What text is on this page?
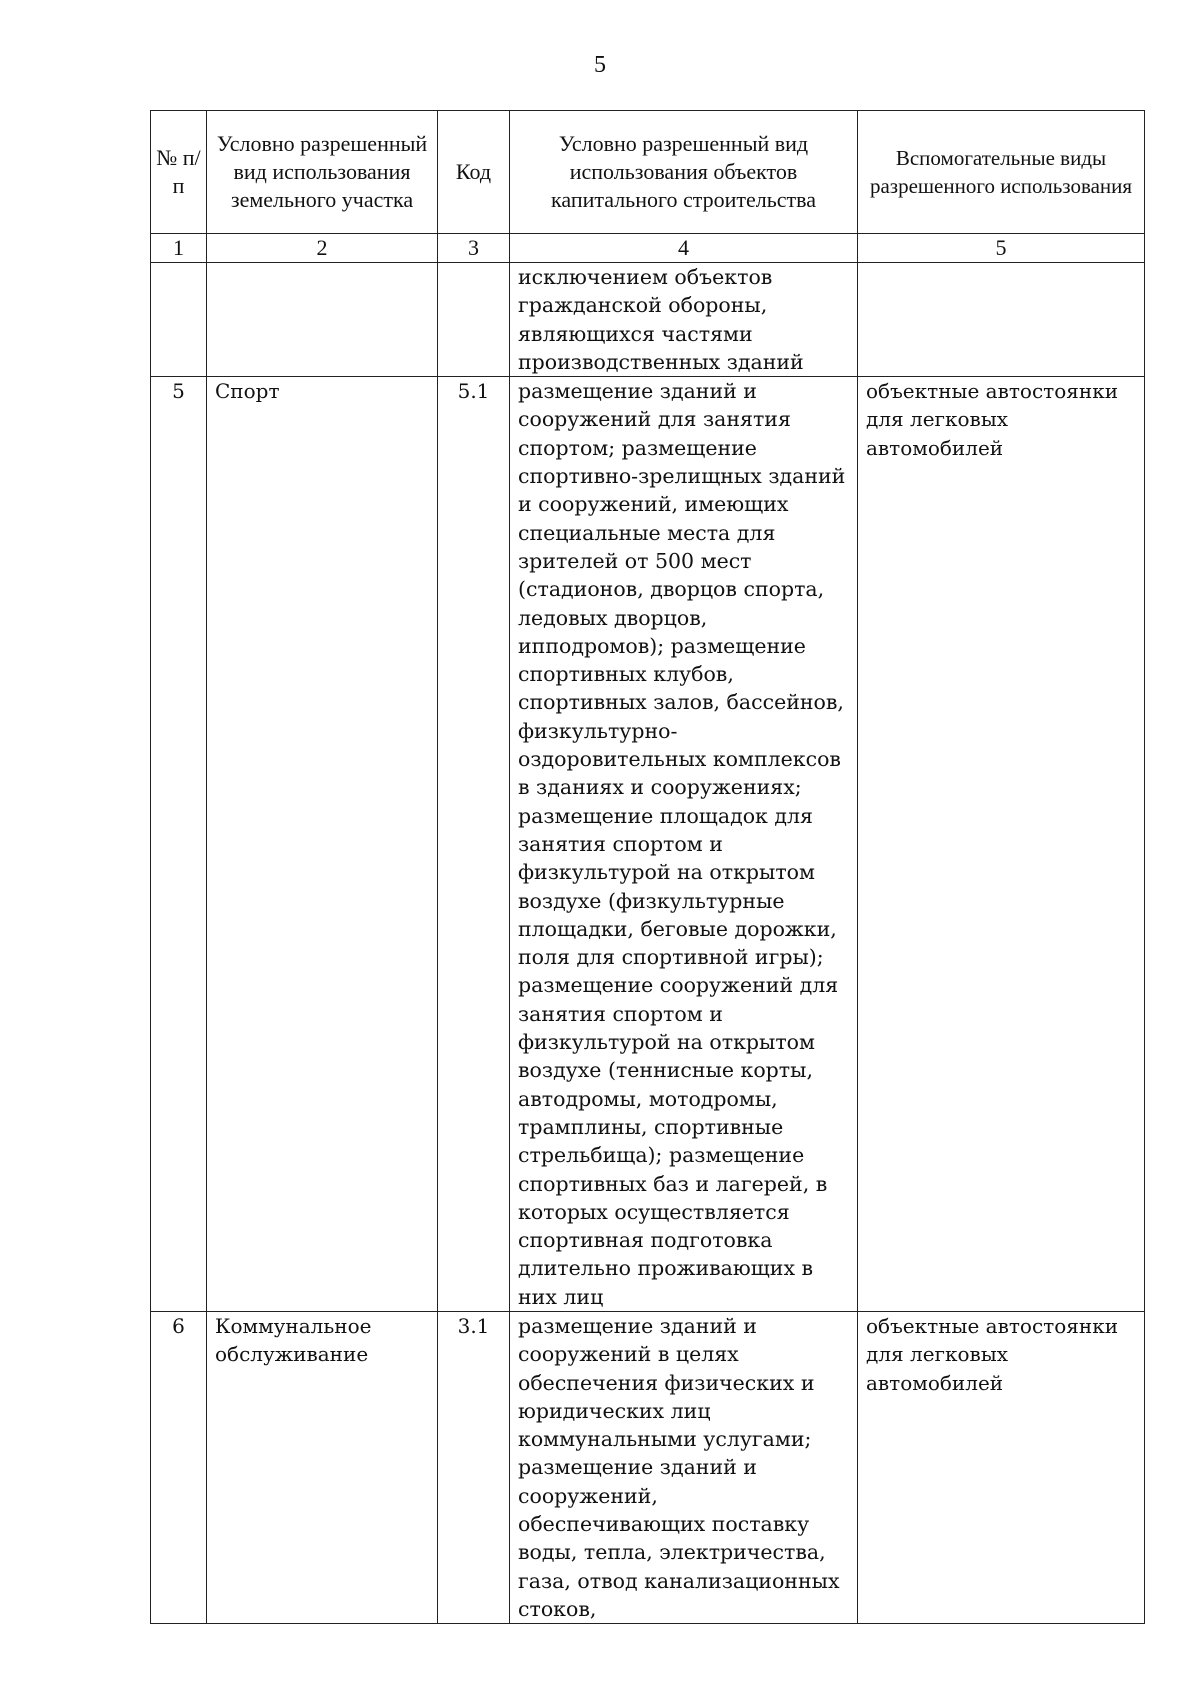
5
№ п/п	Условно разрешенный вид использования земельного участка	Код	Условно разрешенный вид использования объектов капитального строительства	Вспомогательные виды разрешенного использования
1	2	3	4	5
			исключением объектов гражданской обороны, являющихся частями производственных зданий	
5	Спорт	5.1	размещение зданий и сооружений для занятия спортом; размещение спортивно-зрелищных зданий и сооружений, имеющих специальные места для зрителей от 500 мест (стадионов, дворцов спорта, ледовых дворцов, ипподромов); размещение спортивных клубов, спортивных залов, бассейнов, физкультурно-оздоровительных комплексов в зданиях и сооружениях; размещение площадок для занятия спортом и физкультурой на открытом воздухе (физкультурные площадки, беговые дорожки, поля для спортивной игры); размещение сооружений для занятия спортом и физкультурой на открытом воздухе (теннисные корты, автодромы, мотодромы, трамплины, спортивные стрельбища); размещение спортивных баз и лагерей, в которых осуществляется спортивная подготовка длительно проживающих в них лиц	объектные автостоянки для легковых автомобилей
6	Коммунальное обслуживание	3.1	размещение зданий и сооружений в целях обеспечения физических и юридических лиц коммунальными услугами; размещение зданий и сооружений, обеспечивающих поставку воды, тепла, электричества, газа, отвод канализационных стоков,	объектные автостоянки для легковых автомобилей
